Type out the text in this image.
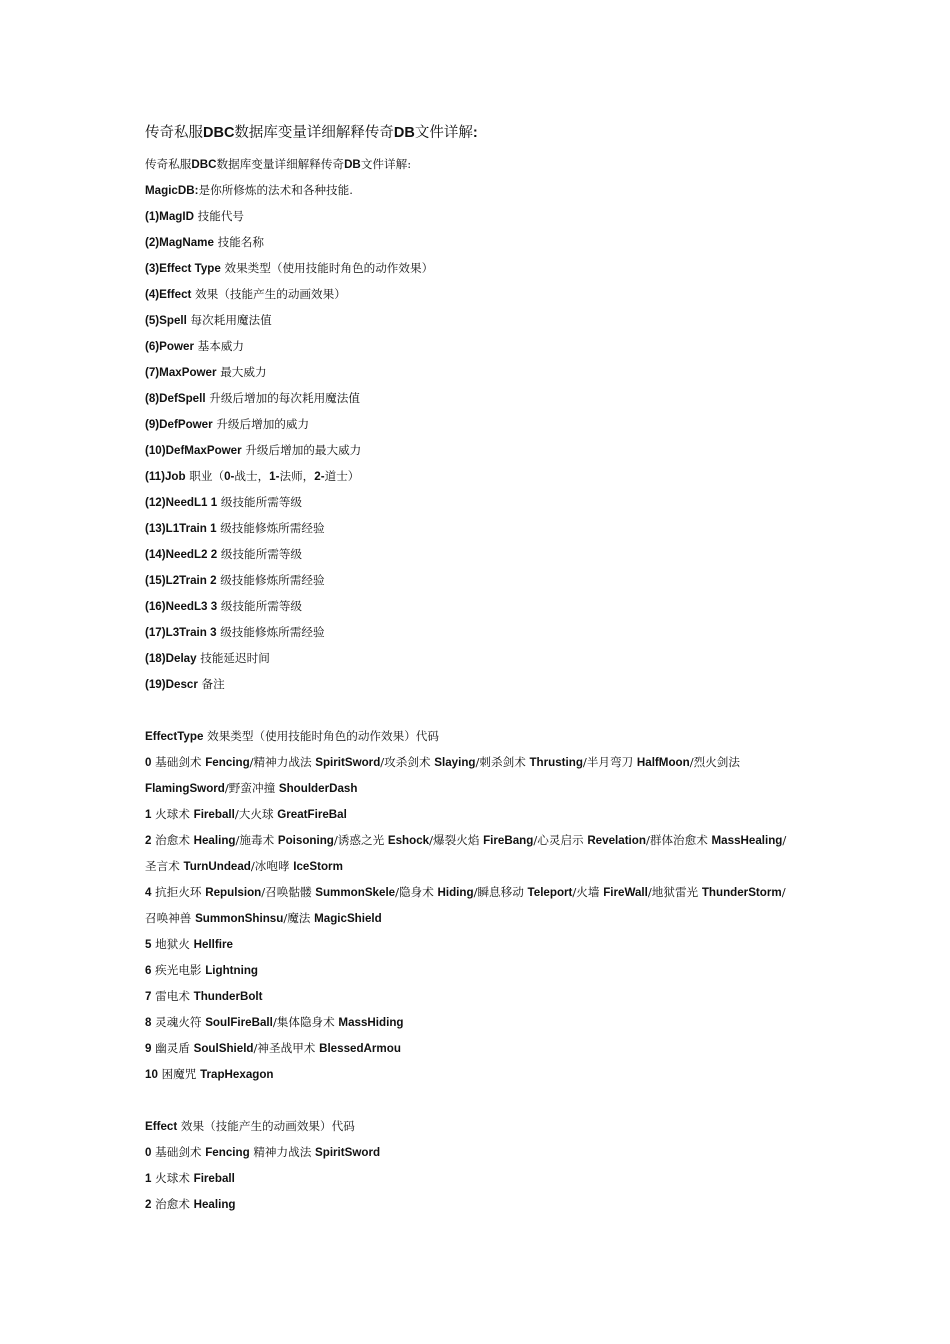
传奇私服DBC数据库变量详细解释传奇DB文件详解:
传奇私服DBC数据库变量详细解释传奇DB文件详解:
MagicDB:是你所修炼的法术和各种技能.
(1)MagID 技能代号
(2)MagName 技能名称
(3)Effect Type 效果类型（使用技能时角色的动作效果）
(4)Effect 效果（技能产生的动画效果）
(5)Spell 每次耗用魔法值
(6)Power 基本威力
(7)MaxPower 最大威力
(8)DefSpell 升级后增加的每次耗用魔法值
(9)DefPower 升级后增加的威力
(10)DefMaxPower 升级后增加的最大威力
(11)Job 职业（0-战士，1-法师，2-道士）
(12)NeedL1 1 级技能所需等级
(13)L1Train 1 级技能修炼所需经验
(14)NeedL2 2 级技能所需等级
(15)L2Train 2 级技能修炼所需经验
(16)NeedL3 3 级技能所需等级
(17)L3Train 3 级技能修炼所需经验
(18)Delay 技能延迟时间
(19)Descr 备注
EffectType 效果类型（使用技能时角色的动作效果）代码
0 基础剑术 Fencing/精神力战法 SpiritSword/攻杀剑术 Slaying/刺杀剑术 Thrusting/半月弯刀 HalfMoon/烈火剑法
FlamingSword/野蛮冲撞 ShoulderDash
1 火球术 Fireball/大火球 GreatFireBal
2 治愈术 Healing/施毒术 Poisoning/诱惑之光 Eshock/爆裂火焰 FireBang/心灵启示 Revelation/群体治愈术 MassHealing/
圣言术 TurnUndead/冰咆哮 IceStorm
4 抗拒火环 Repulsion/召唤骷髅 SummonSkele/隐身术 Hiding/瞬息移动 Teleport/火墙 FireWall/地狱雷光 ThunderStorm/
召唤神兽 SummonShinsu/魔法 MagicShield
5 地狱火 Hellfire
6 疾光电影 Lightning
7 雷电术 ThunderBolt
8 灵魂火符 SoulFireBall/集体隐身术 MassHiding
9 幽灵盾 SoulShield/神圣战甲术 BlessedArmou
10 困魔咒 TrapHexagon
Effect 效果（技能产生的动画效果）代码
0 基础剑术 Fencing 精神力战法 SpiritSword
1 火球术 Fireball
2 治愈术 Healing
